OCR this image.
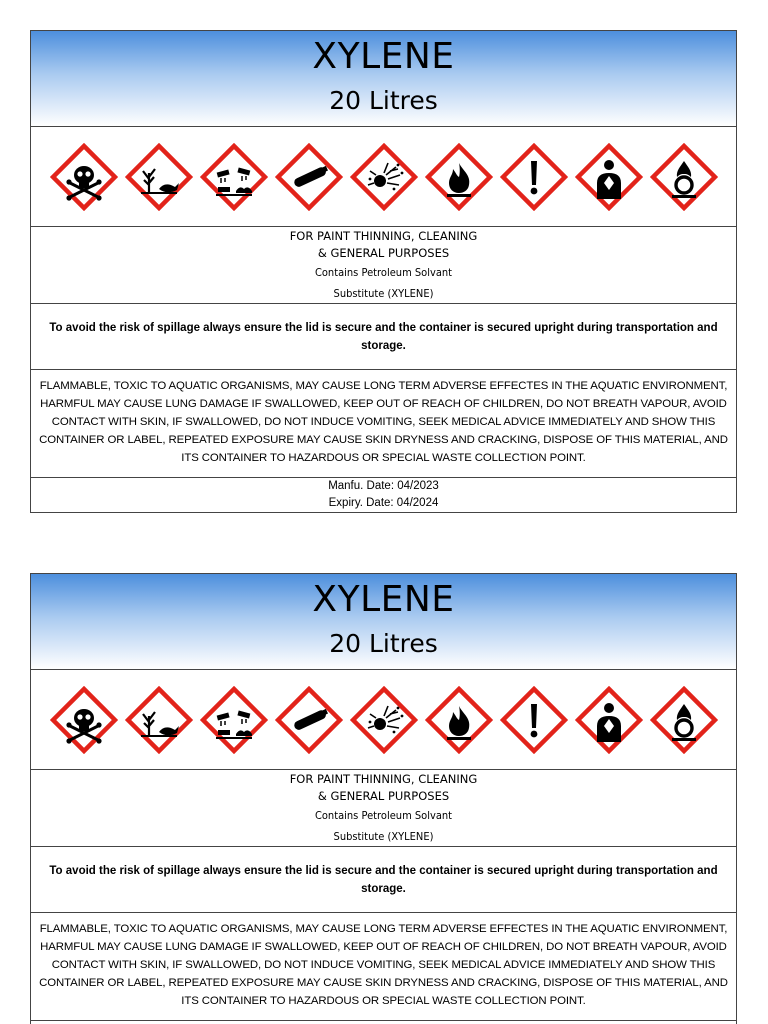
XYLENE
20 Litres
FOR PAINT THINNING, CLEANING
& GENERAL PURPOSES
Contains Petroleum Solvant
Substitute (XYLENE)
To avoid the risk of spillage always ensure the lid is secure and the container is secured upright during transportation and storage.
FLAMMABLE, TOXIC TO AQUATIC ORGANISMS, MAY CAUSE LONG TERM ADVERSE EFFECTES IN THE AQUATIC ENVIRONMENT, HARMFUL MAY CAUSE LUNG DAMAGE IF SWALLOWED, KEEP OUT OF REACH OF CHILDREN, DO NOT BREATH VAPOUR, AVOID CONTACT WITH SKIN, IF SWALLOWED, DO NOT INDUCE VOMITING, SEEK MEDICAL ADVICE IMMEDIATELY AND SHOW THIS CONTAINER OR LABEL, REPEATED EXPOSURE MAY CAUSE SKIN DRYNESS AND CRACKING, DISPOSE OF THIS MATERIAL, AND ITS CONTAINER TO HAZARDOUS OR SPECIAL WASTE COLLECTION POINT.
Manfu. Date: 04/2023
Expiry. Date: 04/2024
XYLENE
20 Litres
FOR PAINT THINNING, CLEANING
& GENERAL PURPOSES
Contains Petroleum Solvant
Substitute (XYLENE)
To avoid the risk of spillage always ensure the lid is secure and the container is secured upright during transportation and storage.
FLAMMABLE, TOXIC TO AQUATIC ORGANISMS, MAY CAUSE LONG TERM ADVERSE EFFECTES IN THE AQUATIC ENVIRONMENT, HARMFUL MAY CAUSE LUNG DAMAGE IF SWALLOWED, KEEP OUT OF REACH OF CHILDREN, DO NOT BREATH VAPOUR, AVOID CONTACT WITH SKIN, IF SWALLOWED, DO NOT INDUCE VOMITING, SEEK MEDICAL ADVICE IMMEDIATELY AND SHOW THIS CONTAINER OR LABEL, REPEATED EXPOSURE MAY CAUSE SKIN DRYNESS AND CRACKING, DISPOSE OF THIS MATERIAL, AND ITS CONTAINER TO HAZARDOUS OR SPECIAL WASTE COLLECTION POINT.
